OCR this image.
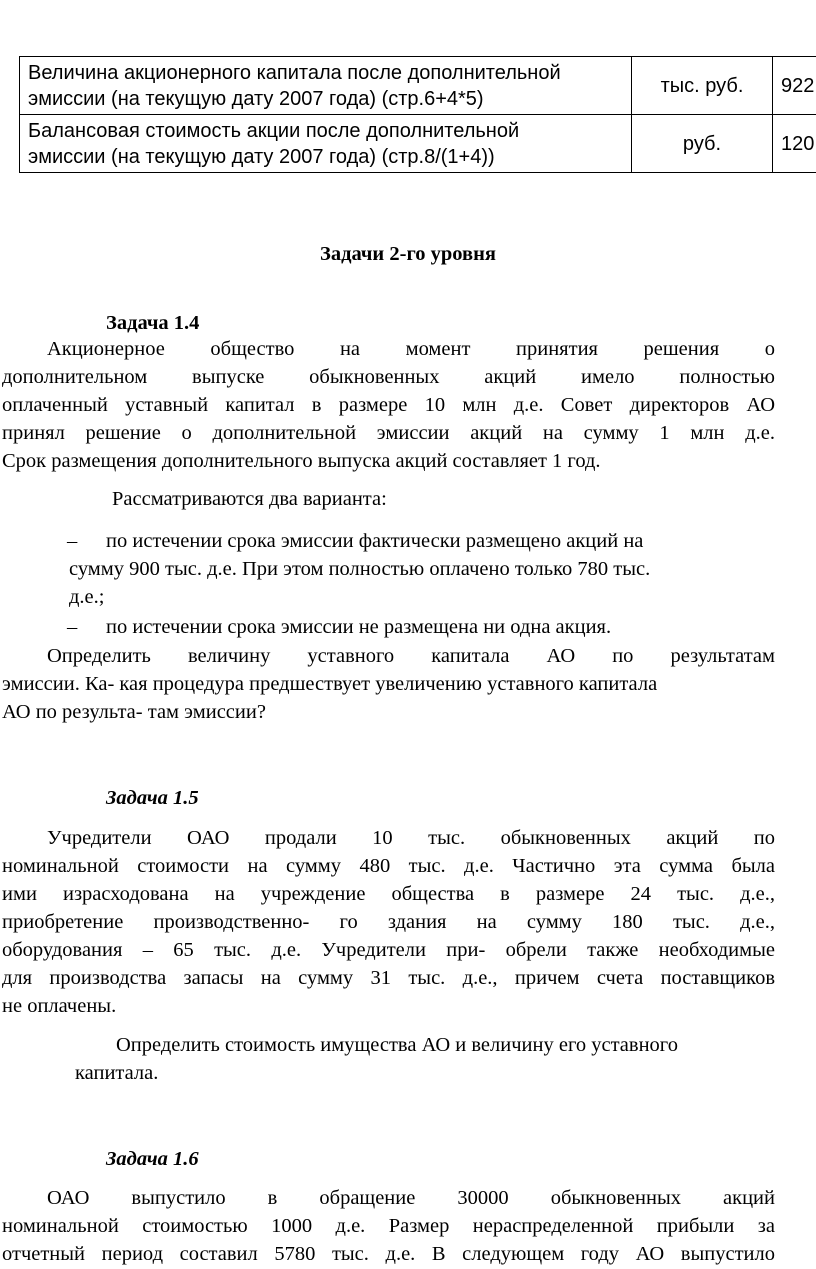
Величина акционерного капитала после дополнительной
эмиссии (на текущую дату 2007 года) (стр.6+4*5)	тыс. руб.	922

Балансовая стоимость акции после дополнительной
эмиссии (на текущую дату 2007 года) (стр.8/(1+4))	руб.	120
Задачи 2-го уровня
Задача 1.4
Акционерное общество на момент принятия решения о
дополнительном выпуске обыкновенных акций имело полностью
оплаченный уставный капитал в размере 10 млн д.е. Совет директоров АО
принял решение о дополнительной эмиссии акций на сумму 1 млн д.е.
Срок размещения дополнительного выпуска акций составляет 1 год.
Рассматриваются два варианта:
– по истечении срока эмиссии фактически размещено акций на
сумму 900 тыс. д.е. При этом полностью оплачено только 780 тыс.
д.е.;
– по истечении срока эмиссии не размещена ни одна акция.
Определить величину уставного капитала АО по результатам
эмиссии. Ка- кая процедура предшествует увеличению уставного капитала
АО по результа- там эмиссии?
Задача 1.5
Учредители ОАО продали 10 тыс. обыкновенных акций по
номинальной стоимости на сумму 480 тыс. д.е. Частично эта сумма была
ими израсходована на учреждение общества в размере 24 тыс. д.е.,
приобретение производственно- го здания на сумму 180 тыс. д.е.,
оборудования – 65 тыс. д.е. Учредители при- обрели также необходимые
для производства запасы на сумму 31 тыс. д.е., причем счета поставщиков
не оплачены.
Определить стоимость имущества АО и величину его уставного
капитала.
Задача 1.6
ОАО выпустило в обращение 30000 обыкновенных акций
номинальной стоимостью 1000 д.е. Размер нераспределенной прибыли за
отчетный период составил 5780 тыс. д.е. В следующем году АО выпустило
